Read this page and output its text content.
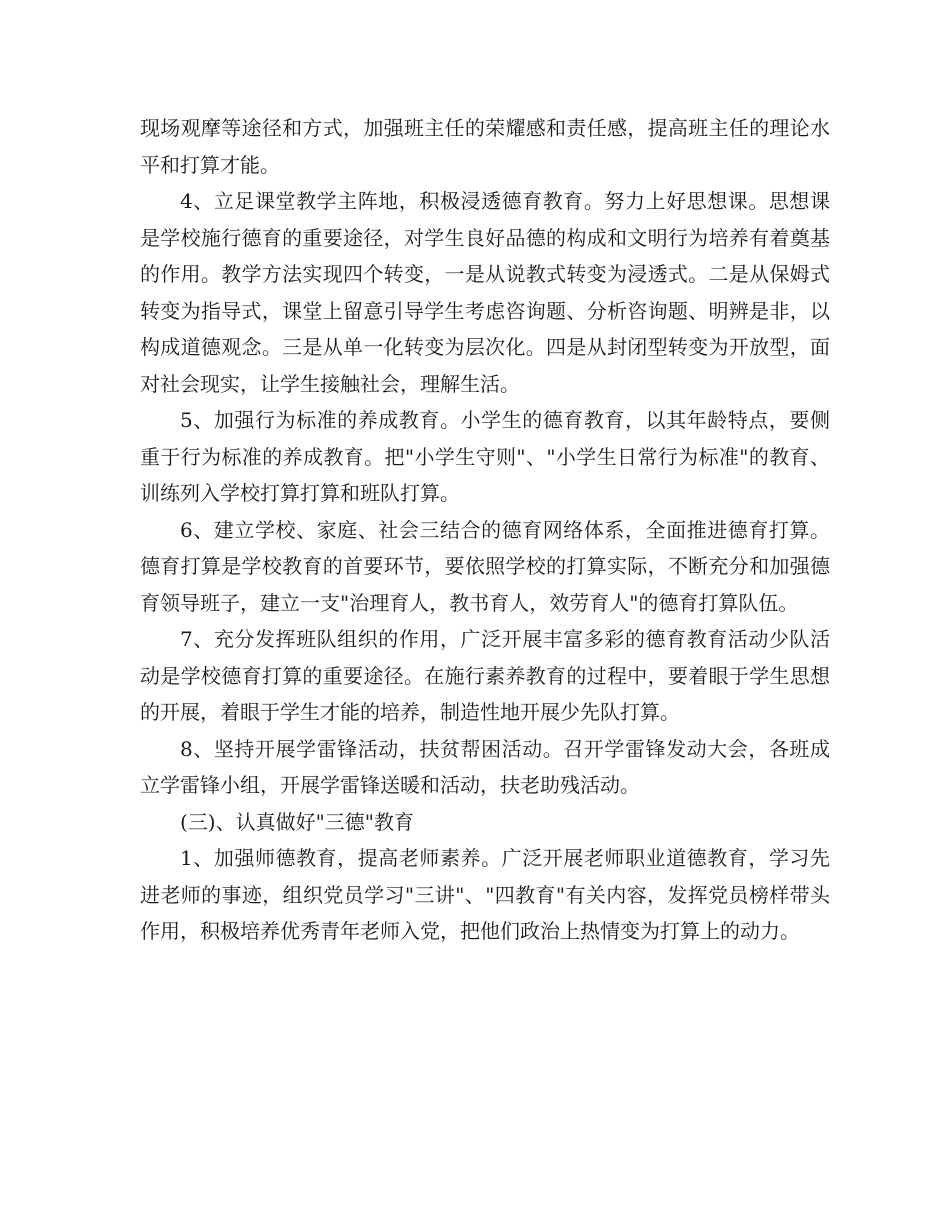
现场观摩等途径和方式，加强班主任的荣耀感和责任感，提高班主任的理论水平和打算才能。

4、立足课堂教学主阵地，积极浸透德育教育。努力上好思想课。思想课是学校施行德育的重要途径，对学生良好品德的构成和文明行为培养有着奠基的作用。教学方法实现四个转变，一是从说教式转变为浸透式。二是从保姆式转变为指导式，课堂上留意引导学生考虑咨询题、分析咨询题、明辨是非，以构成道德观念。三是从单一化转变为层次化。四是从封闭型转变为开放型，面对社会现实，让学生接触社会，理解生活。

5、加强行为标准的养成教育。小学生的德育教育，以其年龄特点，要侧重于行为标准的养成教育。把"小学生守则"、"小学生日常行为标准"的教育、训练列入学校打算打算和班队打算。

6、建立学校、家庭、社会三结合的德育网络体系，全面推进德育打算。德育打算是学校教育的首要环节，要依照学校的打算实际，不断充分和加强德育领导班子，建立一支"治理育人，教书育人，效劳育人"的德育打算队伍。

7、充分发挥班队组织的作用，广泛开展丰富多彩的德育教育活动少队活动是学校德育打算的重要途径。在施行素养教育的过程中，要着眼于学生思想的开展，着眼于学生才能的培养，制造性地开展少先队打算。

8、坚持开展学雷锋活动，扶贫帮困活动。召开学雷锋发动大会，各班成立学雷锋小组，开展学雷锋送暖和活动，扶老助残活动。

(三)、认真做好"三德"教育

1、加强师德教育，提高老师素养。广泛开展老师职业道德教育，学习先进老师的事迹，组织党员学习"三讲"、"四教育"有关内容，发挥党员榜样带头作用，积极培养优秀青年老师入党，把他们政治上热情变为打算上的动力。
